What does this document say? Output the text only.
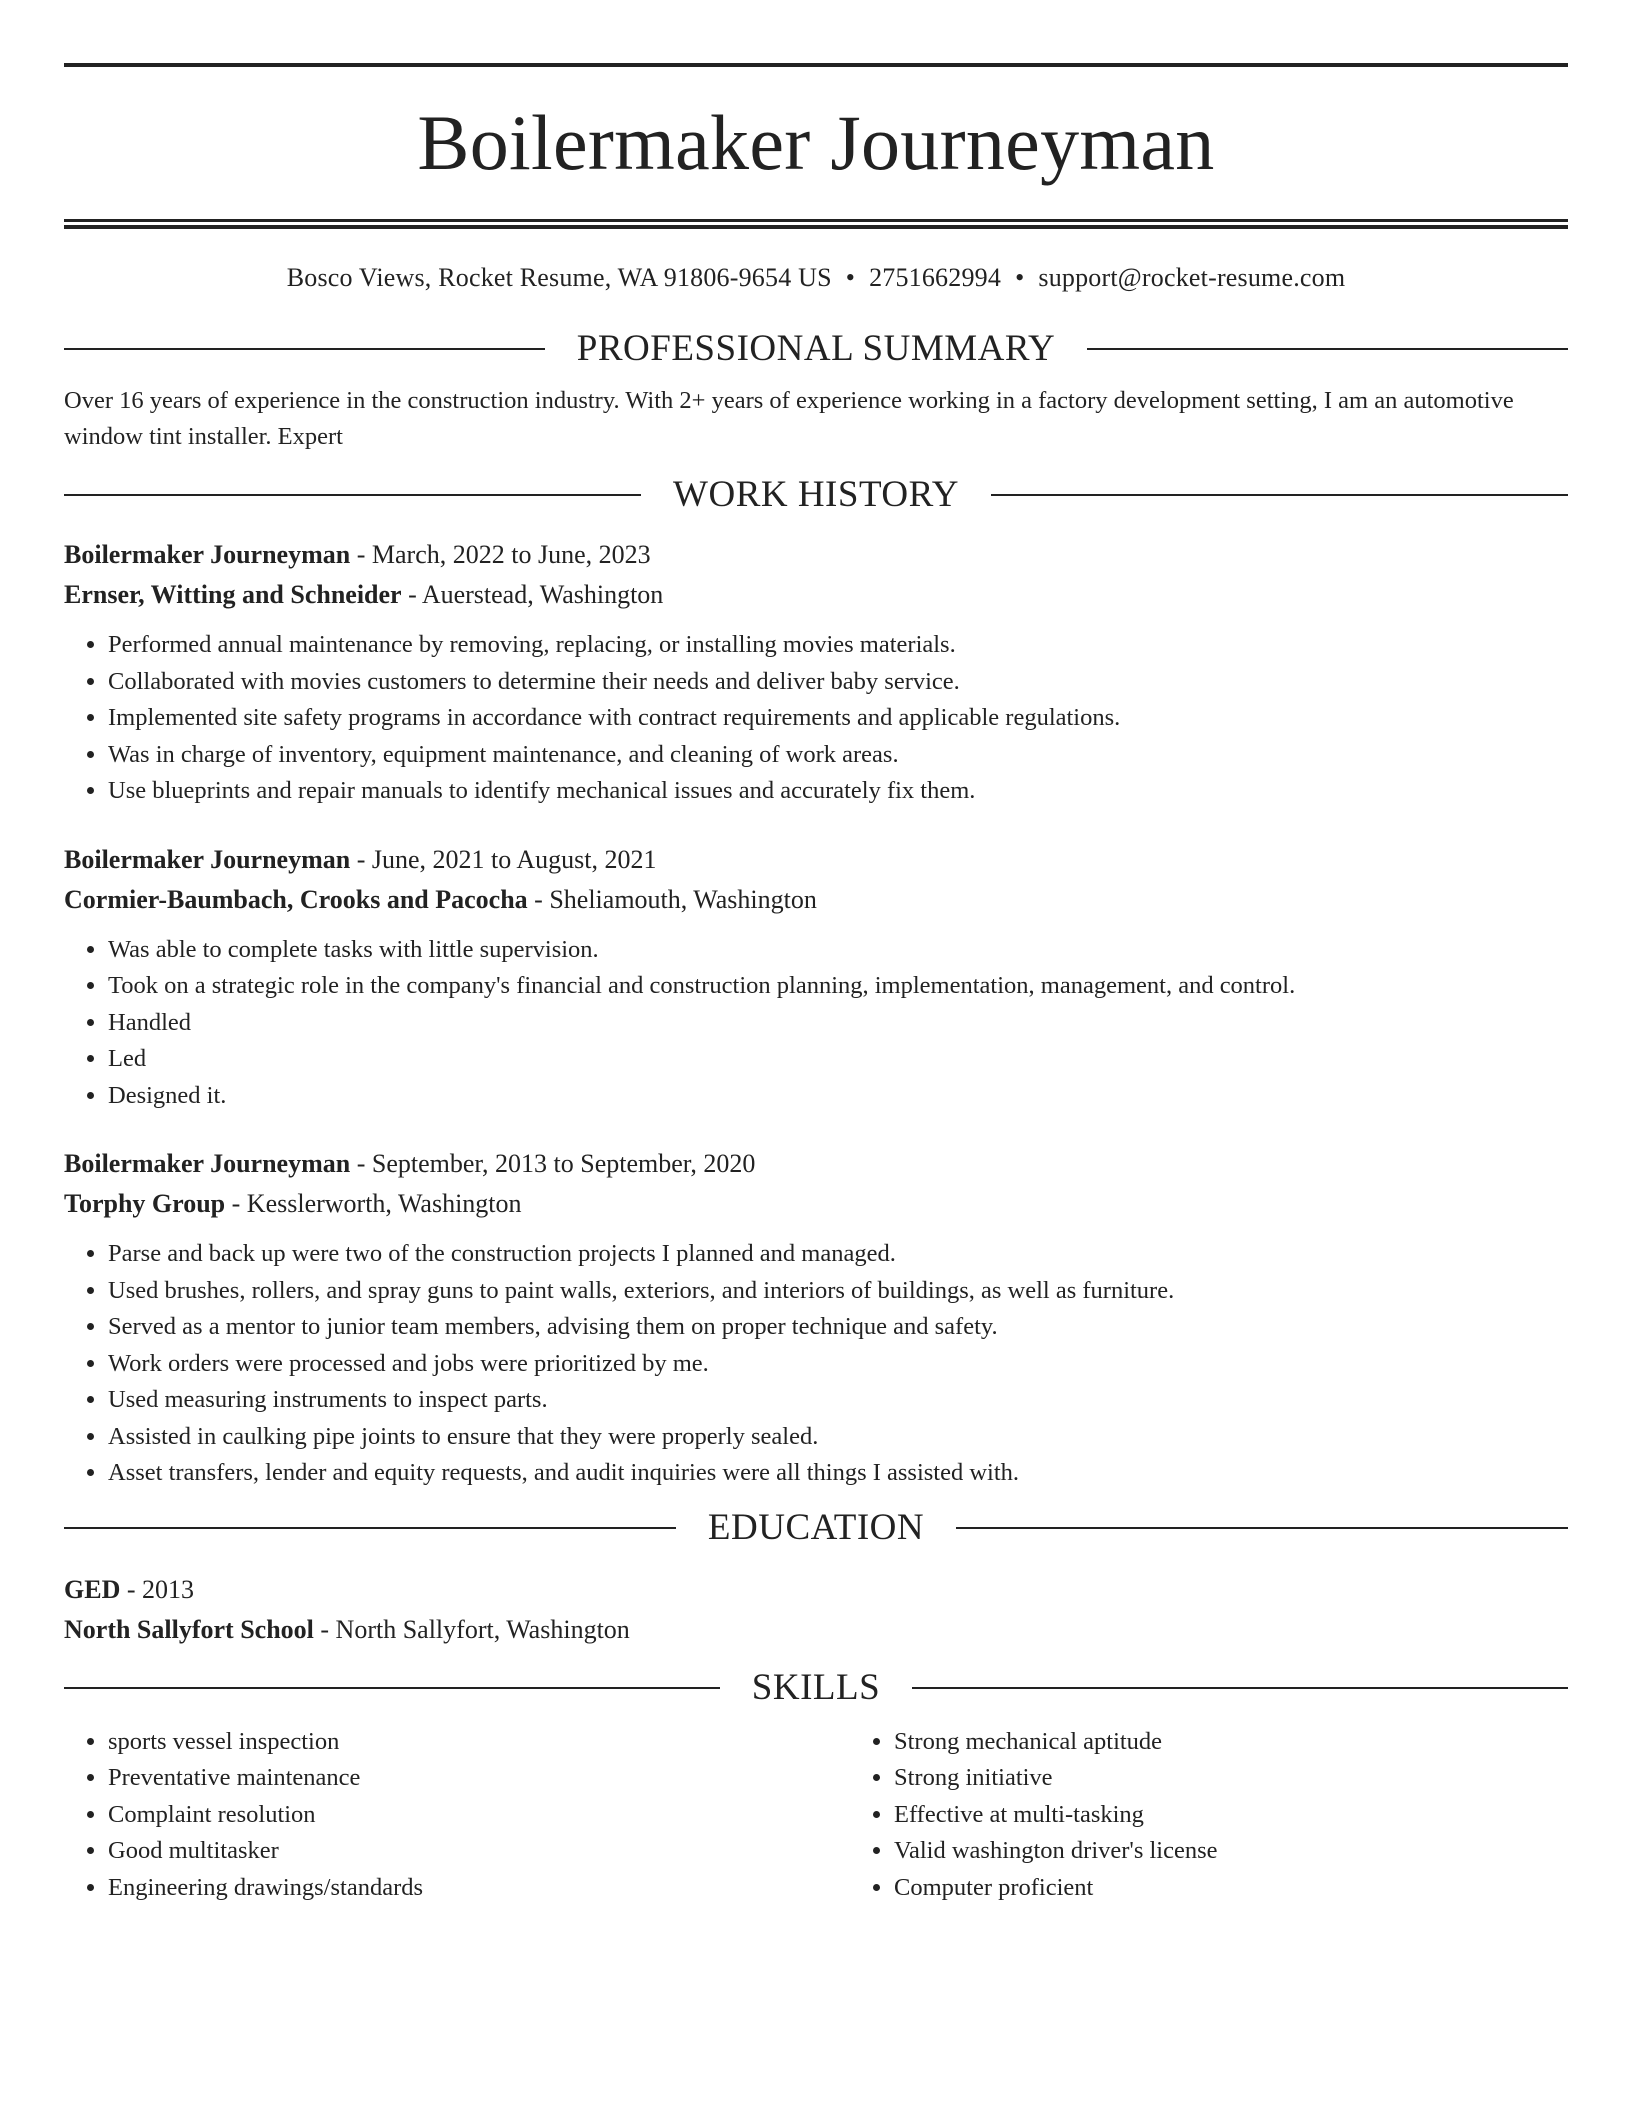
Boilermaker Journeyman
Bosco Views, Rocket Resume, WA 91806-9654 US • 2751662994 • support@rocket-resume.com
PROFESSIONAL SUMMARY
Over 16 years of experience in the construction industry. With 2+ years of experience working in a factory development setting, I am an automotive window tint installer. Expert
WORK HISTORY
Boilermaker Journeyman - March, 2022 to June, 2023
Ernser, Witting and Schneider - Auerstead, Washington
• Performed annual maintenance by removing, replacing, or installing movies materials.
• Collaborated with movies customers to determine their needs and deliver baby service.
• Implemented site safety programs in accordance with contract requirements and applicable regulations.
• Was in charge of inventory, equipment maintenance, and cleaning of work areas.
• Use blueprints and repair manuals to identify mechanical issues and accurately fix them.
Boilermaker Journeyman - June, 2021 to August, 2021
Cormier-Baumbach, Crooks and Pacocha - Sheliamouth, Washington
• Was able to complete tasks with little supervision.
• Took on a strategic role in the company's financial and construction planning, implementation, management, and control.
• Handled
• Led
• Designed it.
Boilermaker Journeyman - September, 2013 to September, 2020
Torphy Group - Kesslerworth, Washington
• Parse and back up were two of the construction projects I planned and managed.
• Used brushes, rollers, and spray guns to paint walls, exteriors, and interiors of buildings, as well as furniture.
• Served as a mentor to junior team members, advising them on proper technique and safety.
• Work orders were processed and jobs were prioritized by me.
• Used measuring instruments to inspect parts.
• Assisted in caulking pipe joints to ensure that they were properly sealed.
• Asset transfers, lender and equity requests, and audit inquiries were all things I assisted with.
EDUCATION
GED - 2013
North Sallyfort School - North Sallyfort, Washington
SKILLS
• sports vessel inspection
• Preventative maintenance
• Complaint resolution
• Good multitasker
• Engineering drawings/standards
• Strong mechanical aptitude
• Strong initiative
• Effective at multi-tasking
• Valid washington driver's license
• Computer proficient
